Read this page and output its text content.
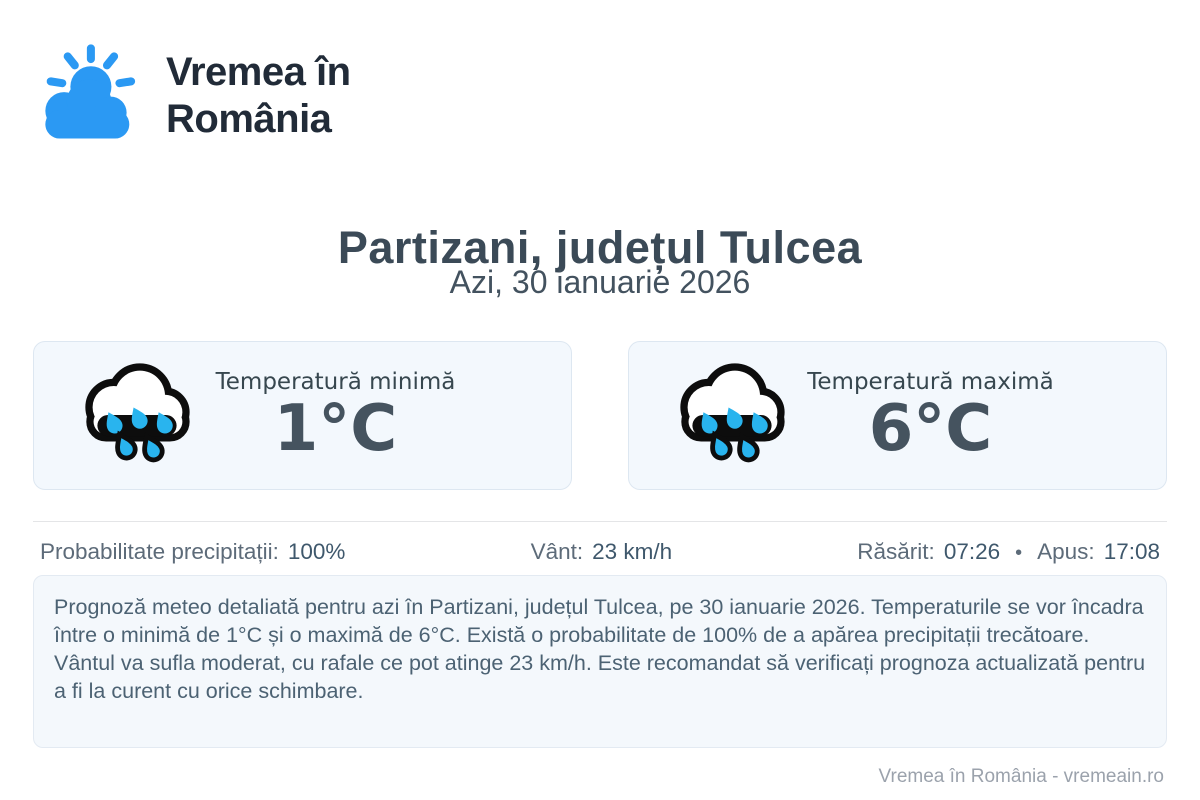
Vremea în
România
Partizani, județul Tulcea
Azi, 30 ianuarie 2026
Temperatură minimă
1°C
Temperatură maximă
6°C
Probabilitate precipitații: 100%	Vânt: 23 km/h	Răsărit: 07:26 • Apus: 17:08

Prognoză meteo detaliată pentru azi în Partizani, județul Tulcea, pe 30 ianuarie 2026. Temperaturile se vor încadra între o minimă de 1°C și o maximă de 6°C. Există o probabilitate de 100% de a apărea precipitații trecătoare. Vântul va sufla moderat, cu rafale ce pot atinge 23 km/h. Este recomandat să verificați prognoza actualizată pentru a fi la curent cu orice schimbare.

Vremea în România - vremeain.ro
